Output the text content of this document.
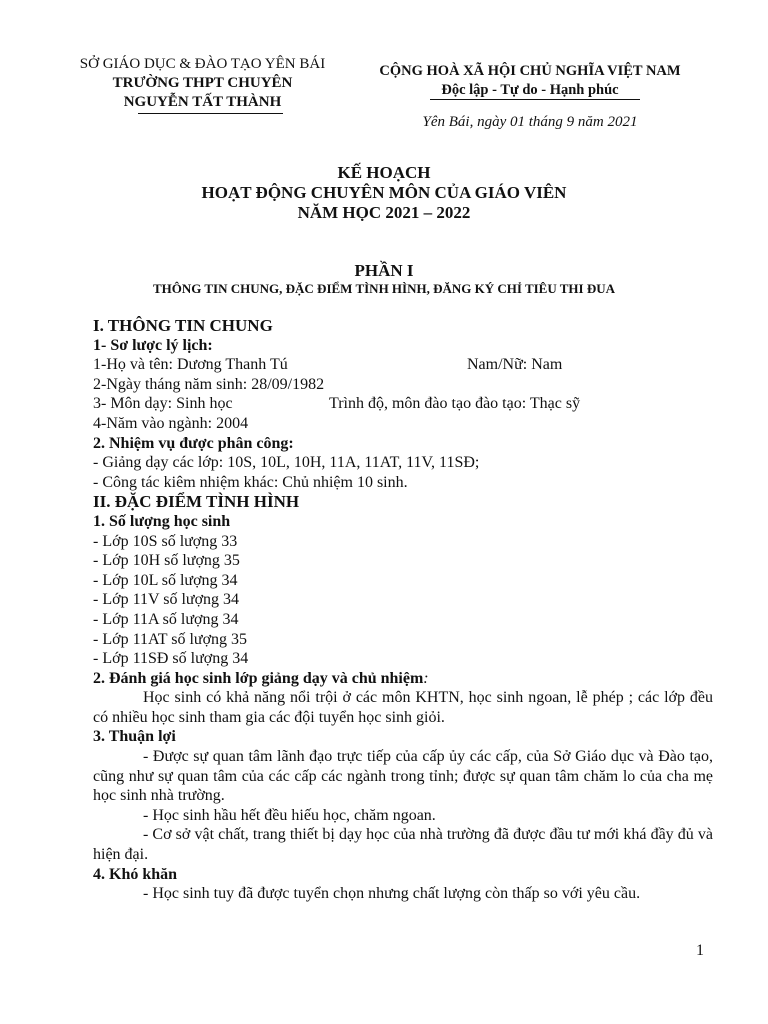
SỞ GIÁO DỤC & ĐÀO TẠO YÊN BÁI
TRƯỜNG THPT CHUYÊN
NGUYỄN TẤT THÀNH
CỘNG HOÀ XÃ HỘI CHỦ NGHĨA VIỆT NAM
Độc lập - Tự do - Hạnh phúc
Yên Bái, ngày 01 tháng 9 năm 2021
KẾ HOẠCH
HOẠT ĐỘNG CHUYÊN MÔN CỦA GIÁO VIÊN
NĂM HỌC 2021 – 2022
PHẦN I
THÔNG TIN CHUNG, ĐẶC ĐIỂM TÌNH HÌNH, ĐĂNG KÝ CHỈ TIÊU THI ĐUA

I. THÔNG TIN CHUNG

1- Sơ lược lý lịch:

1-Họ và tên: Dương Thanh Tú	Nam/Nữ: Nam

2-Ngày tháng năm sinh: 28/09/1982

3- Môn dạy: Sinh học	Trình độ, môn đào tạo đào tạo: Thạc sỹ

4-Năm vào ngành: 2004

2. Nhiệm vụ được phân công:

- Giảng dạy các lớp: 10S, 10L, 10H, 11A, 11AT, 11V, 11SĐ;

- Công tác kiêm nhiệm khác: Chủ nhiệm 10 sinh.

II. ĐẶC ĐIỂM TÌNH HÌNH

1. Số lượng học sinh

- Lớp 10S số lượng 33

- Lớp 10H số lượng 35

- Lớp 10L số lượng 34

- Lớp 11V số lượng 34

- Lớp 11A số lượng 34

- Lớp 11AT số lượng 35

- Lớp 11SĐ số lượng 34

2. Đánh giá học sinh lớp giảng dạy và chủ nhiệm:

Học sinh có khả năng nổi trội ở các môn KHTN, học sinh ngoan, lễ phép ; các lớp đều có nhiều học sinh tham gia các đội tuyển học sinh giỏi.

3. Thuận lợi

- Được sự quan tâm lãnh đạo trực tiếp của cấp ủy các cấp, của Sở Giáo dục và Đào tạo, cũng như sự quan tâm của các cấp các ngành trong tỉnh; được sự quan tâm chăm lo của cha mẹ học sinh nhà trường.

- Học sinh hầu hết đều hiếu học, chăm ngoan.

- Cơ sở vật chất, trang thiết bị dạy học của nhà trường đã được đầu tư mới khá đầy đủ và hiện đại.

4. Khó khăn

- Học sinh tuy đã được tuyển chọn nhưng chất lượng còn thấp so với yêu cầu.

1
